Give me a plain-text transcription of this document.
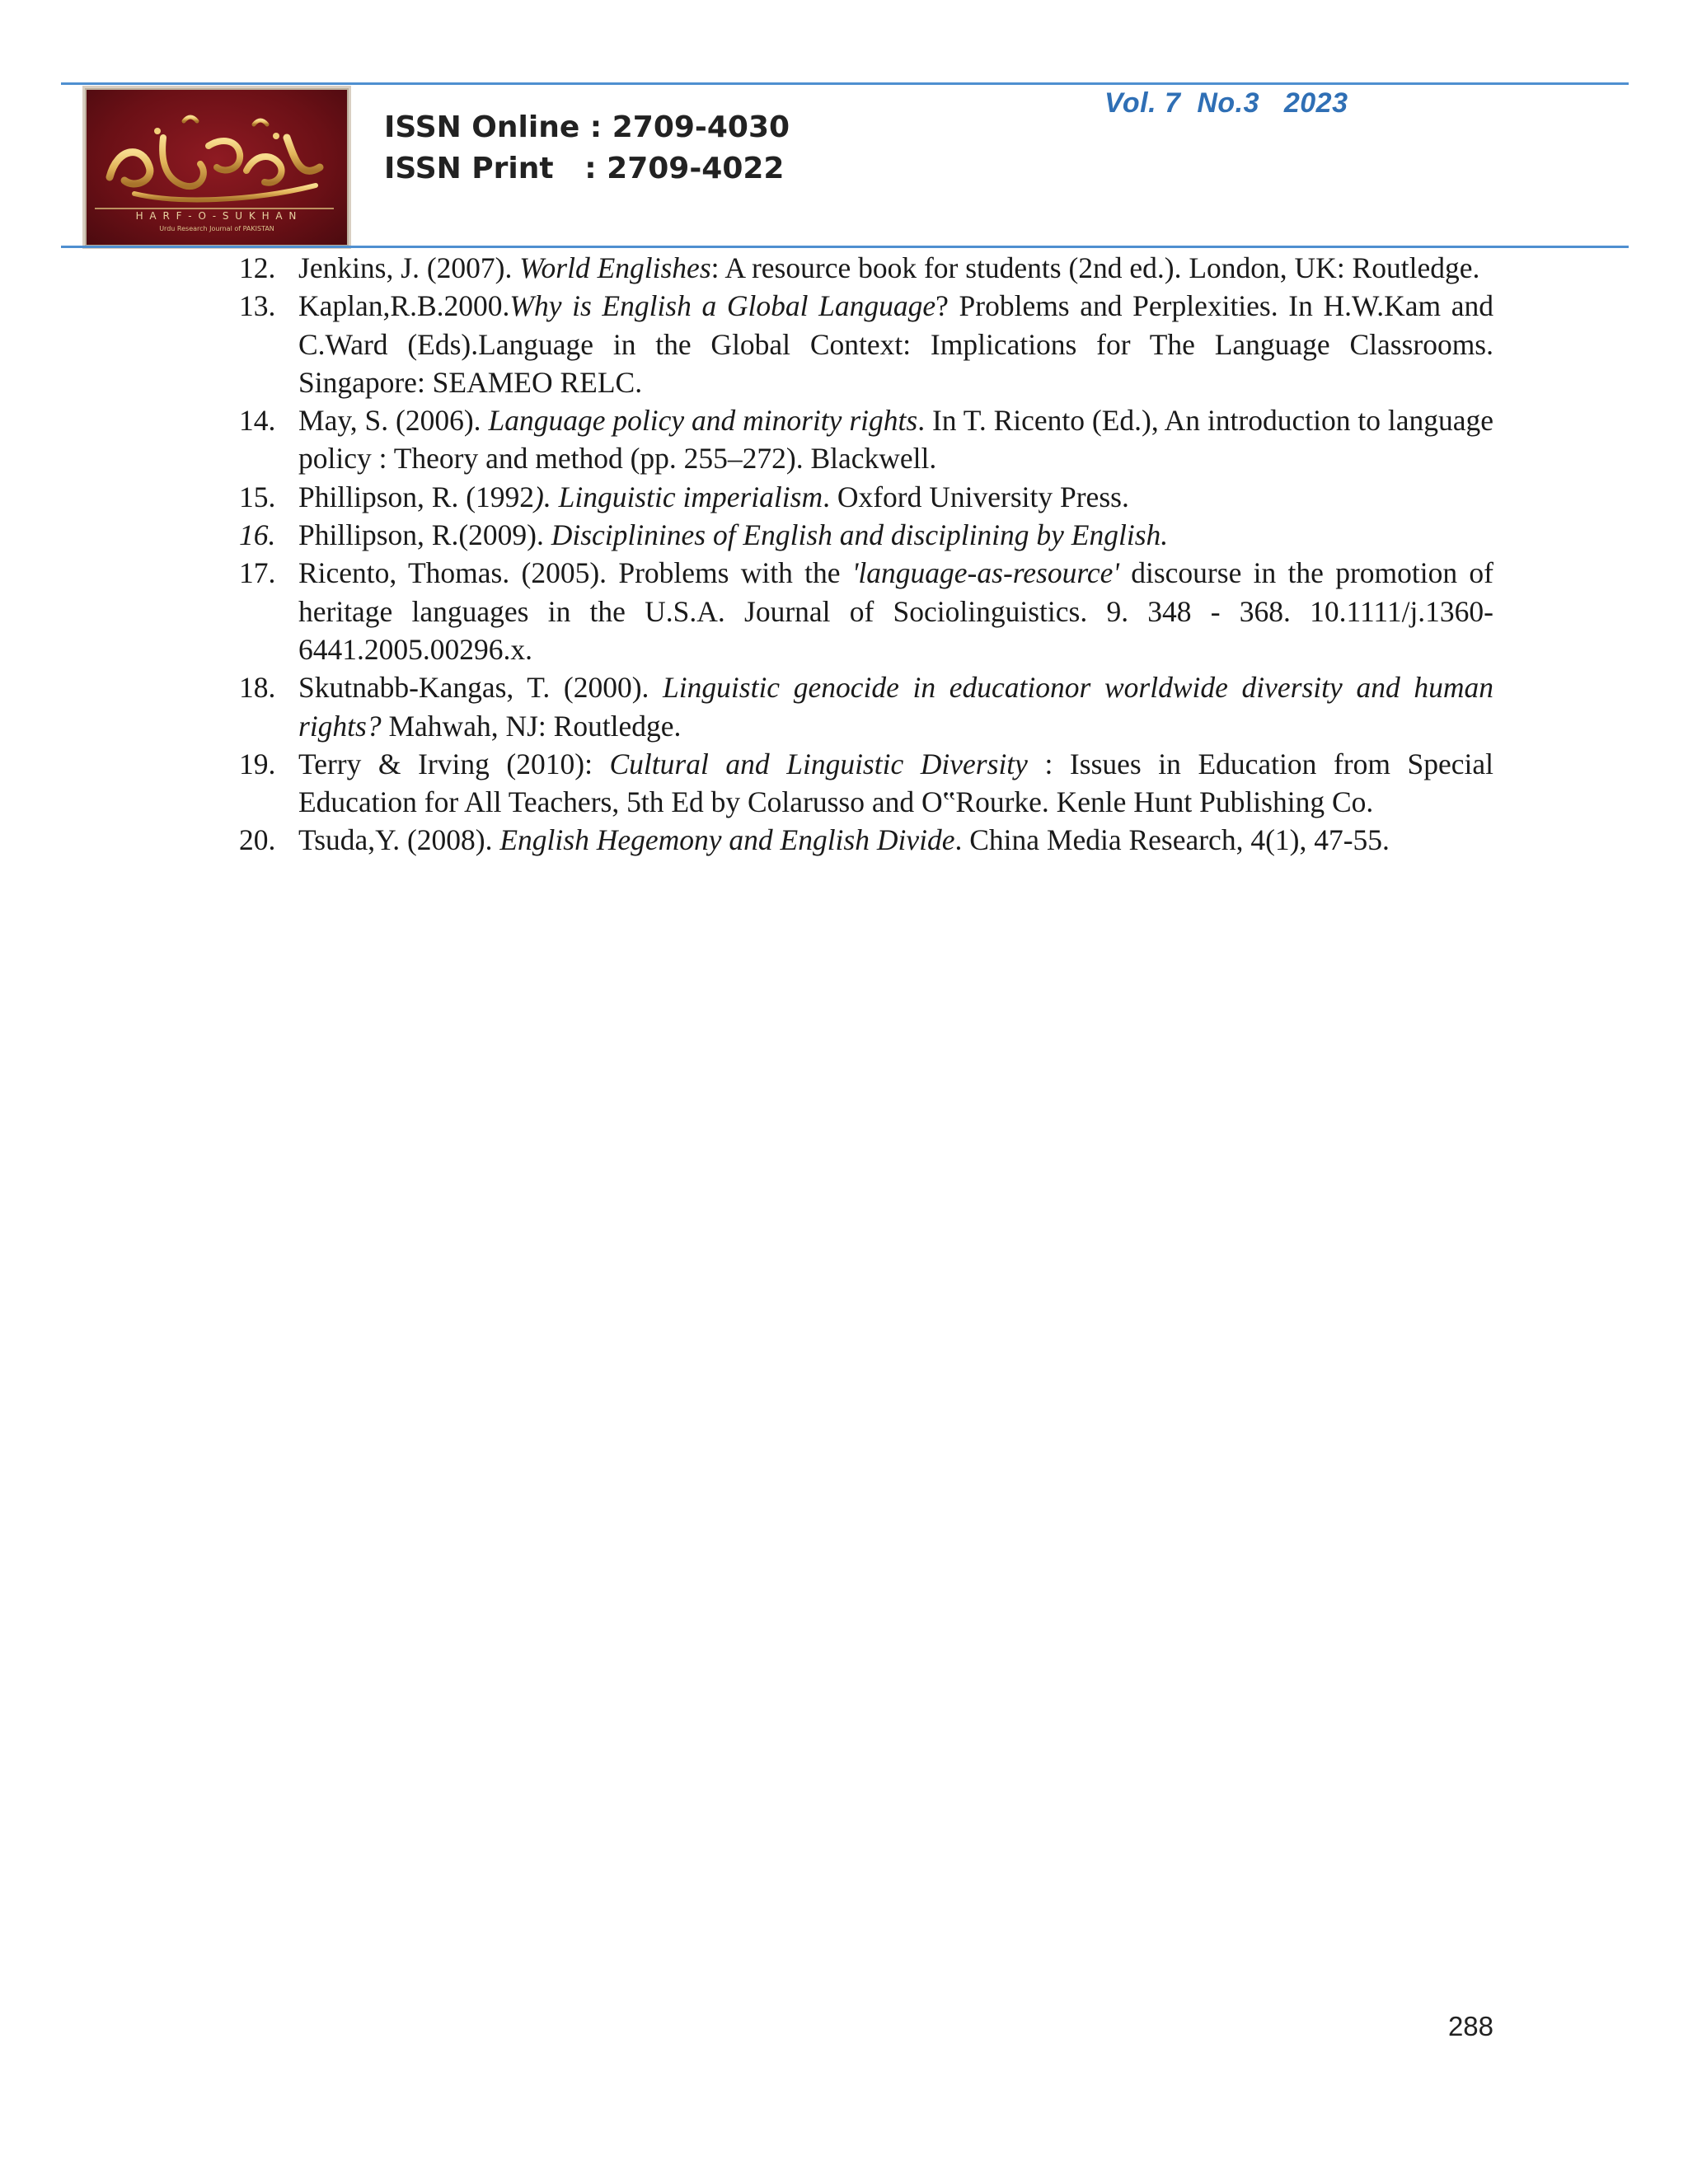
H A R F - O - S U K H A N
Urdu Research Journal of PAKISTAN
ISSN Online : 2709-4030
ISSN Print   : 2709-4022
Vol. 7  No.3   2023
12. Jenkins, J. (2007). World Englishes: A resource book for students (2nd ed.). London, UK: Routledge.
13. Kaplan,R.B.2000.Why is English a Global Language? Problems and Perplexities. In H.W.Kam and C.Ward (Eds).Language in the Global Context: Implications for The Language Classrooms. Singapore: SEAMEO RELC.
14. May, S. (2006). Language policy and minority rights. In T. Ricento (Ed.), An introduction to language policy : Theory and method (pp. 255–272). Blackwell.
15. Phillipson, R. (1992). Linguistic imperialism. Oxford University Press.
16. Phillipson, R.(2009). Disciplinines of English and disciplining by English.
17. Ricento, Thomas. (2005). Problems with the 'language-as-resource' discourse in the promotion of heritage languages in the U.S.A. Journal of Sociolinguistics. 9. 348 - 368. 10.1111/j.1360-6441.2005.00296.x.
18. Skutnabb-Kangas, T. (2000). Linguistic genocide in educationor worldwide diversity and human rights? Mahwah, NJ: Routledge.
19. Terry & Irving (2010): Cultural and Linguistic Diversity : Issues in Education from Special Education for All Teachers, 5th Ed by Colarusso and O‟Rourke. Kenle Hunt Publishing Co.
20. Tsuda,Y. (2008). English Hegemony and English Divide. China Media Research, 4(1), 47-55.
288
